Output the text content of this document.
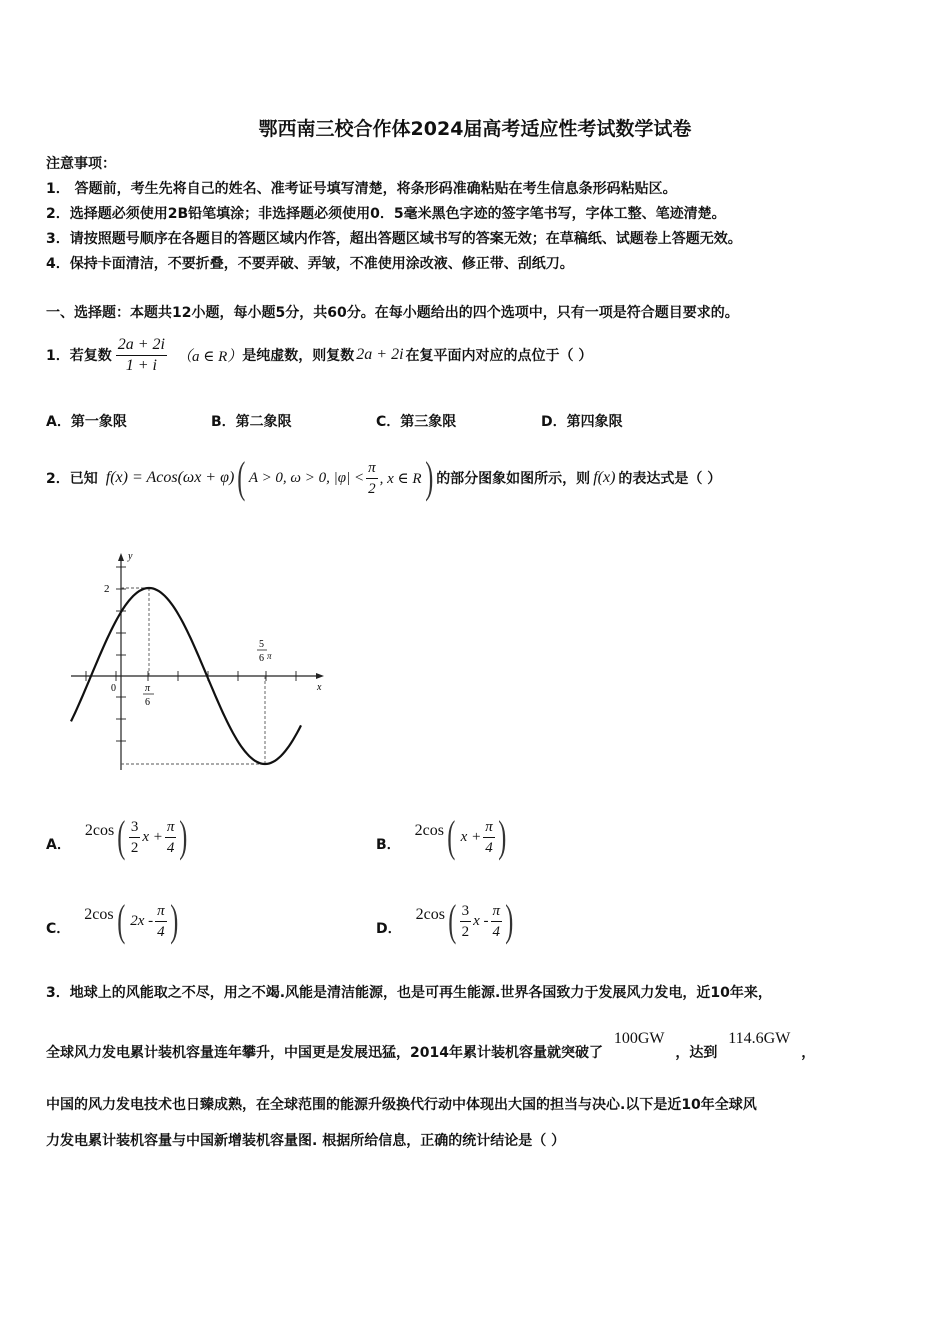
鄂西南三校合作体2024届高考适应性考试数学试卷
注意事项：
1． 答题前，考生先将自己的姓名、准考证号填写清楚，将条形码准确粘贴在考生信息条形码粘贴区。
2．选择题必须使用2B铅笔填涂；非选择题必须使用0．5毫米黑色字迹的签字笔书写，字体工整、笔迹清楚。
3．请按照题号顺序在各题目的答题区域内作答，超出答题区域书写的答案无效；在草稿纸、试题卷上答题无效。
4．保持卡面清洁，不要折叠，不要弄破、弄皱，不准使用涂改液、修正带、刮纸刀。
一、选择题：本题共12小题，每小题5分，共60分。在每小题给出的四个选项中，只有一项是符合题目要求的。
1．若复数 $\frac{2a + 2i}{1 + i} (a$ ∈ R） 是纯虚数，则复数 2a + 2i 在复平面内对应的点位于（ ）
A．第一象限	B．第二象限	C．第三象限	D．第四象限
2．已知 f(x) = Acos(ωx + φ) ( A > 0, ω > 0, $|\varphi| < \frac{\pi}{2}$ , x ∈ R ) 的部分图象如图所示，则 f(x) 的表达式是（ ）
y
x
0
2
π
6
5
6 π
A．
2cos ( $\frac{3}{2}$ $x + \frac{\pi}{4}$ )	B．
2cos ( $x + \frac{\pi}{4}$ )
C．
2cos ( $2x - \frac{\pi}{4}$ )	D．
2cos ( $\frac{3}{2}$ x - $\frac{\pi}{4}$ )
3．地球上的风能取之不尽，用之不竭.风能是清洁能源，也是可再生能源.世界各国致力于发展风力发电，近10年来，
全球风力发电累计装机容量连年攀升，中国更是发展迅猛，2014年累计装机容量就突破了 100GW ，达到 114.6GW ，
中国的风力发电技术也日臻成熟，在全球范围的能源升级换代行动中体现出大国的担当与决心.以下是近10年全球风
力发电累计装机容量与中国新增装机容量图. 根据所给信息，正确的统计结论是（ ）
